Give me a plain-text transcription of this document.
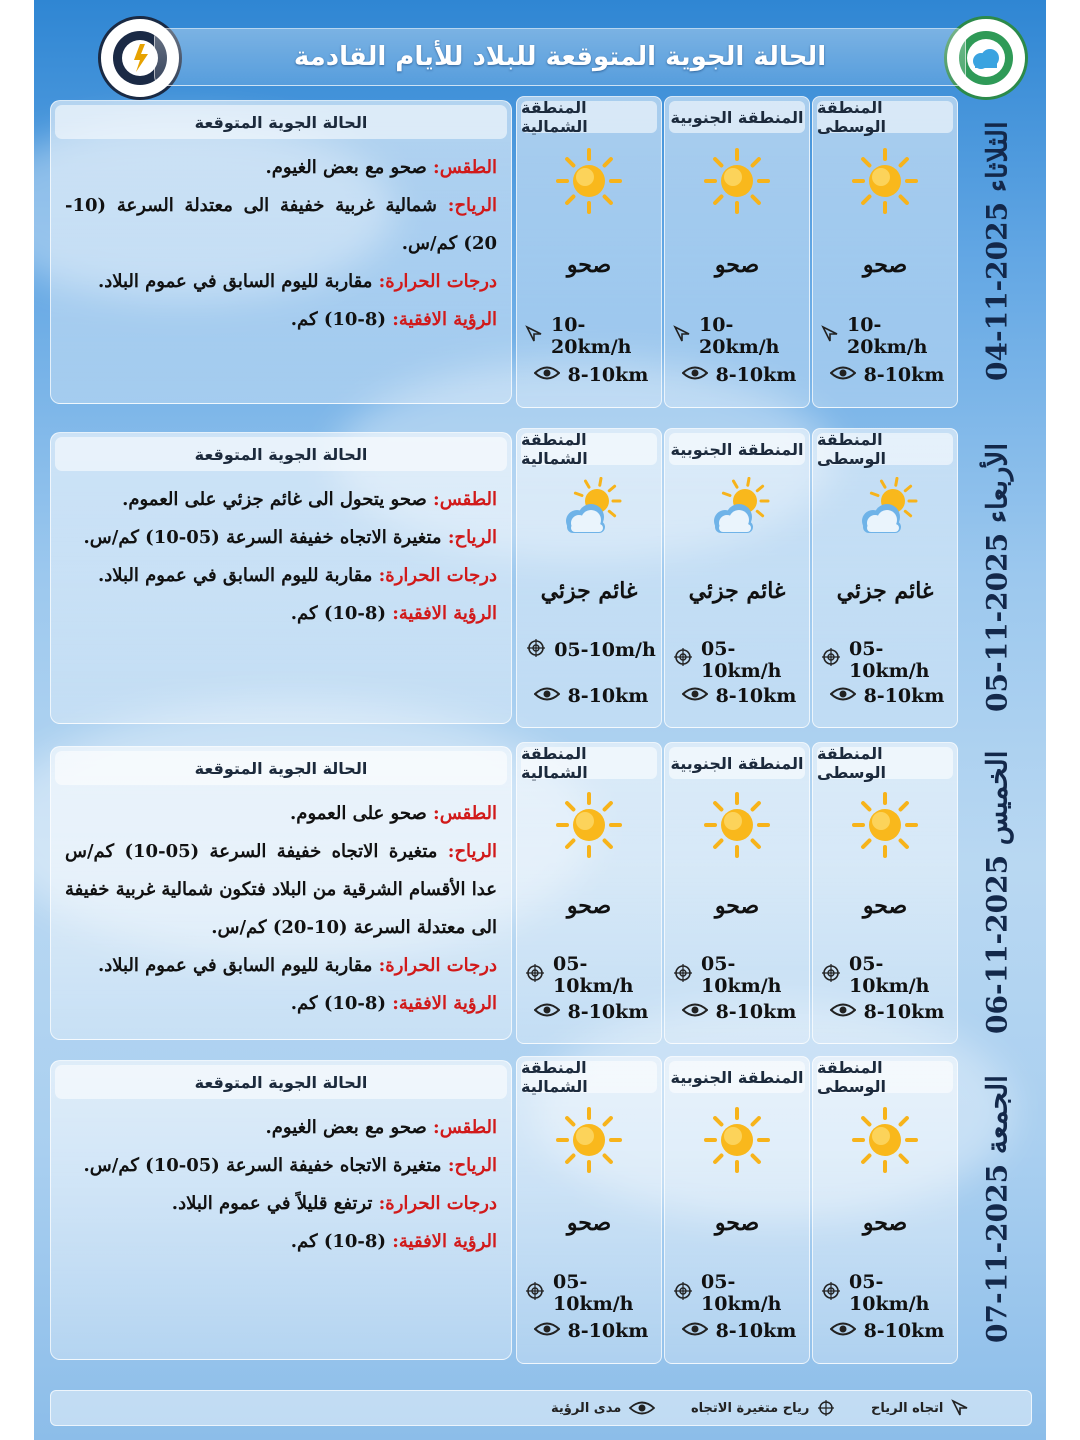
الحالة الجوية المتوقعة للبلاد للأيام القادمة
الثلاثاء 2025-11-04
المنطقة الوسطى
صحو
10-20km/h
8-10km
المنطقة الجنوبية
صحو
10-20km/h
8-10km
المنطقة الشمالية
صحو
10-20km/h
8-10km
الحالة الجوية المتوقعة
الطقس: صحو مع بعض الغيوم.
الرياح: شمالية غربية خفيفة الى معتدلة السرعة (10-20) كم/س.
درجات الحرارة: مقاربة لليوم السابق في عموم البلاد.
الرؤية الافقية: (8-10) كم.
الأربعاء 2025-11-05
المنطقة الوسطى
غائم جزئي
05-10km/h
8-10km
المنطقة الجنوبية
غائم جزئي
05-10km/h
8-10km
المنطقة الشمالية
غائم جزئي
05-10m/h
8-10km
الحالة الجوية المتوقعة
الطقس: صحو يتحول الى غائم جزئي على العموم.
الرياح: متغيرة الاتجاه خفيفة السرعة (05-10) كم/س.
درجات الحرارة: مقاربة لليوم السابق في عموم البلاد.
الرؤية الافقية: (8-10) كم.
الخميس 2025-11-06
المنطقة الوسطى
صحو
05-10km/h
8-10km
المنطقة الجنوبية
صحو
05-10km/h
8-10km
المنطقة الشمالية
صحو
05-10km/h
8-10km
الحالة الجوية المتوقعة
الطقس: صحو على العموم.
الرياح: متغيرة الاتجاه خفيفة السرعة (05-10) كم/س عدا الأقسام الشرقية من البلاد فتكون شمالية غربية خفيفة الى معتدلة السرعة (10-20) كم/س.
درجات الحرارة: مقاربة لليوم السابق في عموم البلاد.
الرؤية الافقية: (8-10) كم.
الجمعة 2025-11-07
المنطقة الوسطى
صحو
05-10km/h
8-10km
المنطقة الجنوبية
صحو
05-10km/h
8-10km
المنطقة الشمالية
صحو
05-10km/h
8-10km
الحالة الجوية المتوقعة
الطقس: صحو مع بعض الغيوم.
الرياح: متغيرة الاتجاه خفيفة السرعة (05-10) كم/س.
درجات الحرارة: ترتفع قليلاً في عموم البلاد.
الرؤية الافقية: (8-10) كم.
اتجاه الرياح
رياح متغيرة الاتجاه
مدى الرؤية
